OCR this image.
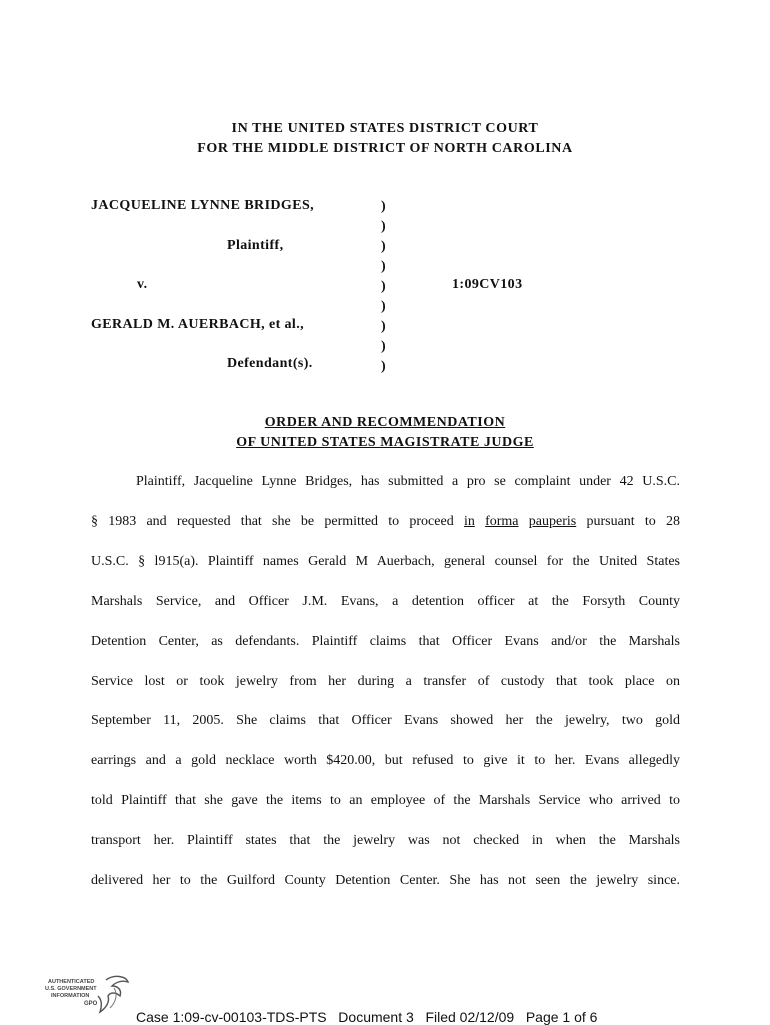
IN THE UNITED STATES DISTRICT COURT
FOR THE MIDDLE DISTRICT OF NORTH CAROLINA
JACQUELINE LYNNE BRIDGES,
Plaintiff,
v.
GERALD M. AUERBACH, et al.,
Defendant(s).
1:09CV103
)
)
)
)
)
)
)
)
)
ORDER AND RECOMMENDATION
OF UNITED STATES MAGISTRATE JUDGE
Plaintiff, Jacqueline Lynne Bridges, has submitted a pro se complaint under 42 U.S.C.
§ 1983 and requested that she be permitted to proceed in forma pauperis pursuant to 28
U.S.C. § l915(a). Plaintiff names Gerald M Auerbach, general counsel for the United States
Marshals Service, and Officer J.M. Evans, a detention officer at the Forsyth County
Detention Center, as defendants. Plaintiff claims that Officer Evans and/or the Marshals
Service lost or took jewelry from her during a transfer of custody that took place on
September 11, 2005. She claims that Officer Evans showed her the jewelry, two gold
earrings and a gold necklace worth $420.00, but refused to give it to her. Evans allegedly
told Plaintiff that she gave the items to an employee of the Marshals Service who arrived to
transport her. Plaintiff states that the jewelry was not checked in when the Marshals
delivered her to the Guilford County Detention Center. She has not seen the jewelry since.
AUTHENTICATED
U.S. GOVERNMENT
INFORMATION
GPO
Case 1:09-cv-00103-TDS-PTS   Document 3   Filed 02/12/09   Page 1 of 6
